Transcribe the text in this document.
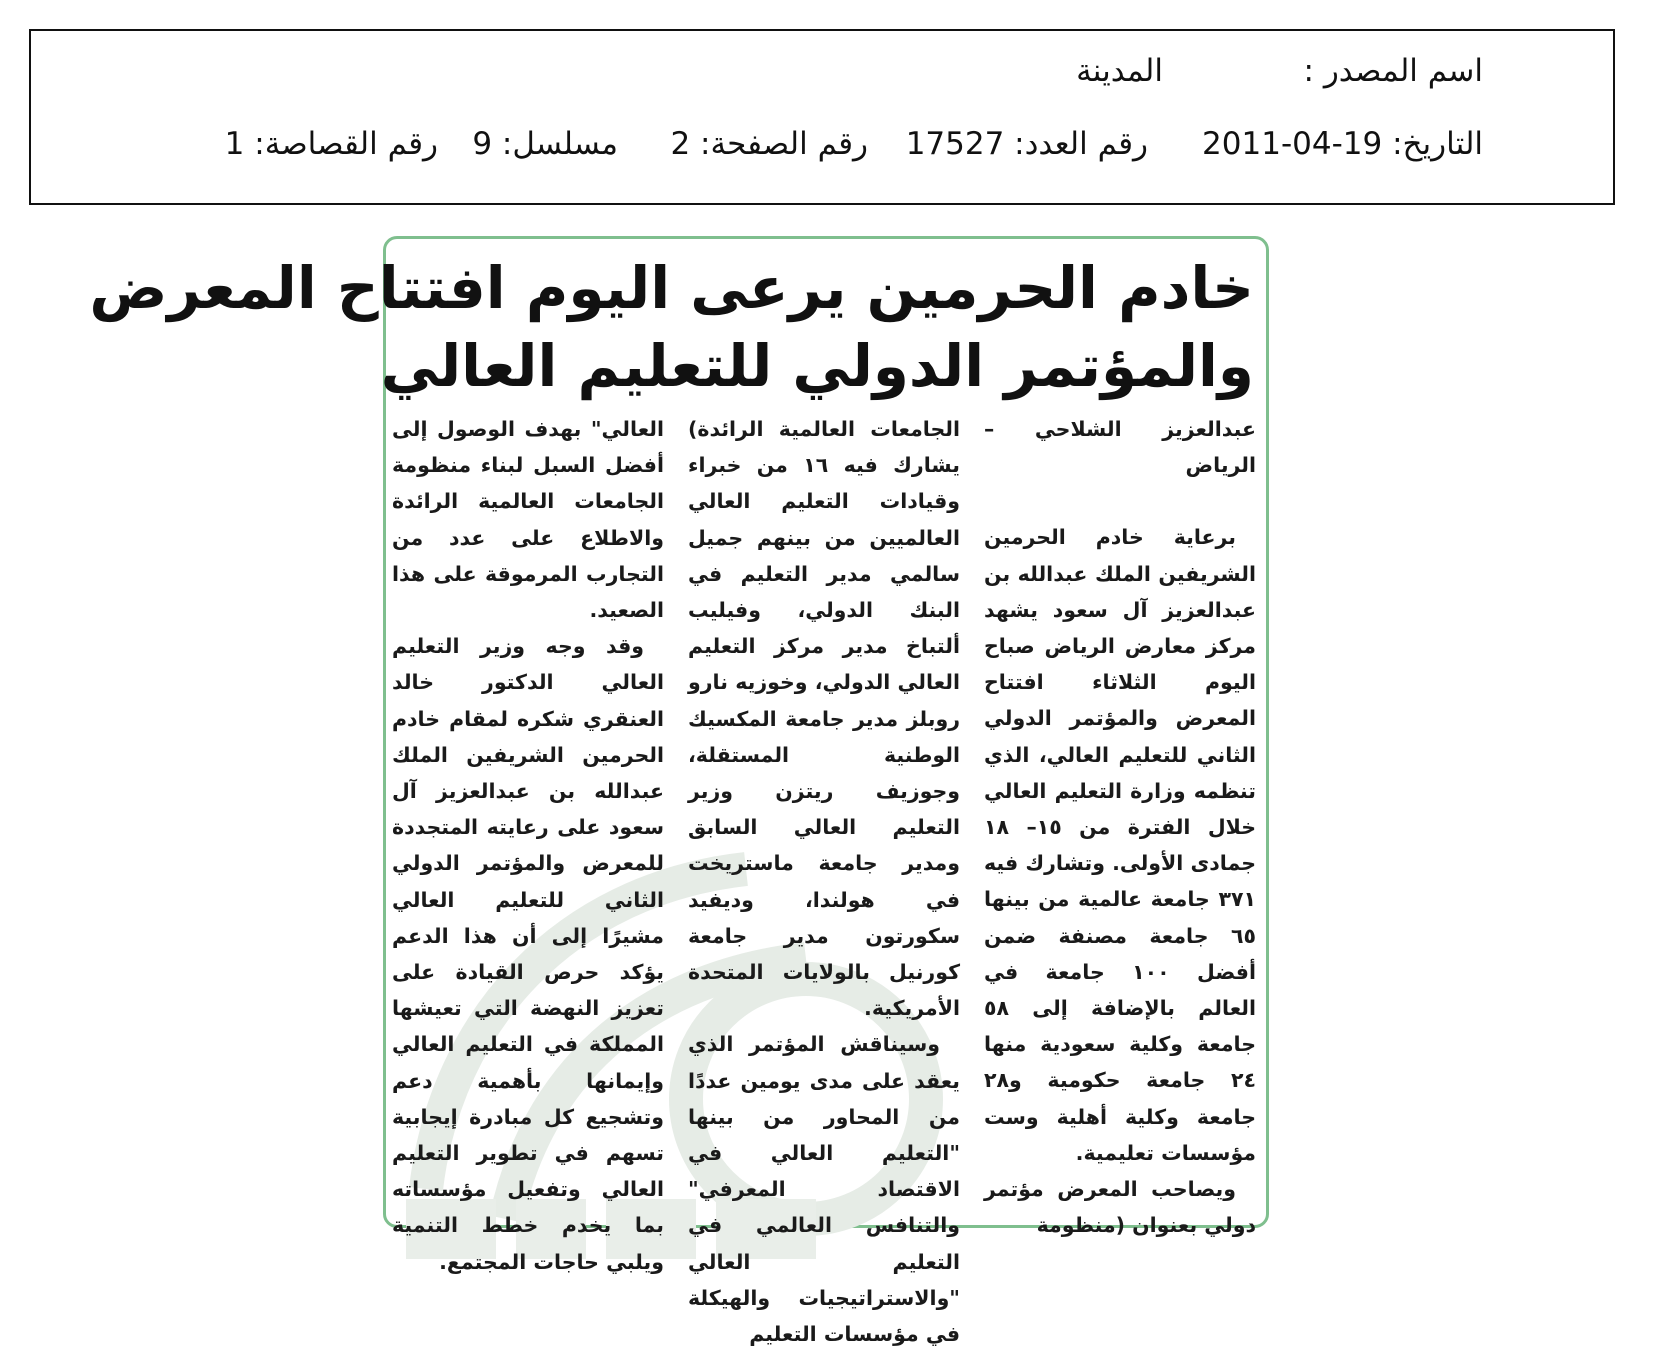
اسم المصدر :
المدينة
التاريخ: 19-04-2011
رقم العدد: 17527
رقم الصفحة: 2
مسلسل: 9
رقم القصاصة: 1
خادم الحرمين يرعى اليوم افتتاح المعرض
والمؤتمر الدولي للتعليم العالي

عبدالعزيز الشلاحي – الرياض

برعاية خادم الحرمين الشريفين الملك عبدالله بن عبدالعزيز آل سعود يشهد مركز معارض الرياض صباح اليوم الثلاثاء افتتاح المعرض والمؤتمر الدولي الثاني للتعليم العالي، الذي تنظمه وزارة التعليم العالي خلال الفترة من ١٥– ١٨ جمادى الأولى. وتشارك فيه ٣٧١ جامعة عالمية من بينها ٦٥ جامعة مصنفة ضمن أفضل ١٠٠ جامعة في العالم بالإضافة إلى ٥٨ جامعة وكلية سعودية منها ٢٤ جامعة حكومية و٢٨ جامعة وكلية أهلية وست مؤسسات تعليمية.

ويصاحب المعرض مؤتمر دولي بعنوان (منظومة

الجامعات العالمية الرائدة) يشارك فيه ١٦ من خبراء وقيادات التعليم العالي العالميين من بينهم جميل سالمي مدير التعليم في البنك الدولي، وفيليب ألتباخ مدير مركز التعليم العالي الدولي، وخوزيه نارو روبلز مدير جامعة المكسيك الوطنية المستقلة، وجوزيف ريتزن وزير التعليم العالي السابق ومدير جامعة ماستريخت في هولندا، وديفيد سكورتون مدير جامعة كورنيل بالولايات المتحدة الأمريكية.

وسيناقش المؤتمر الذي يعقد على مدى يومين عددًا من المحاور من بينها "التعليم العالي في الاقتصاد المعرفي" والتنافس العالمي في التعليم العالي "والاستراتيجيات والهيكلة في مؤسسات التعليم

العالي" بهدف الوصول إلى أفضل السبل لبناء منظومة الجامعات العالمية الرائدة والاطلاع على عدد من التجارب المرموقة على هذا الصعيد.

وقد وجه وزير التعليم العالي الدكتور خالد العنقري شكره لمقام خادم الحرمين الشريفين الملك عبدالله بن عبدالعزيز آل سعود على رعايته المتجددة للمعرض والمؤتمر الدولي الثاني للتعليم العالي مشيرًا إلى أن هذا الدعم يؤكد حرص القيادة على تعزيز النهضة التي تعيشها المملكة في التعليم العالي وإيمانها بأهمية دعم وتشجيع كل مبادرة إيجابية تسهم في تطوير التعليم العالي وتفعيل مؤسساته بما يخدم خطط التنمية ويلبي حاجات المجتمع.
